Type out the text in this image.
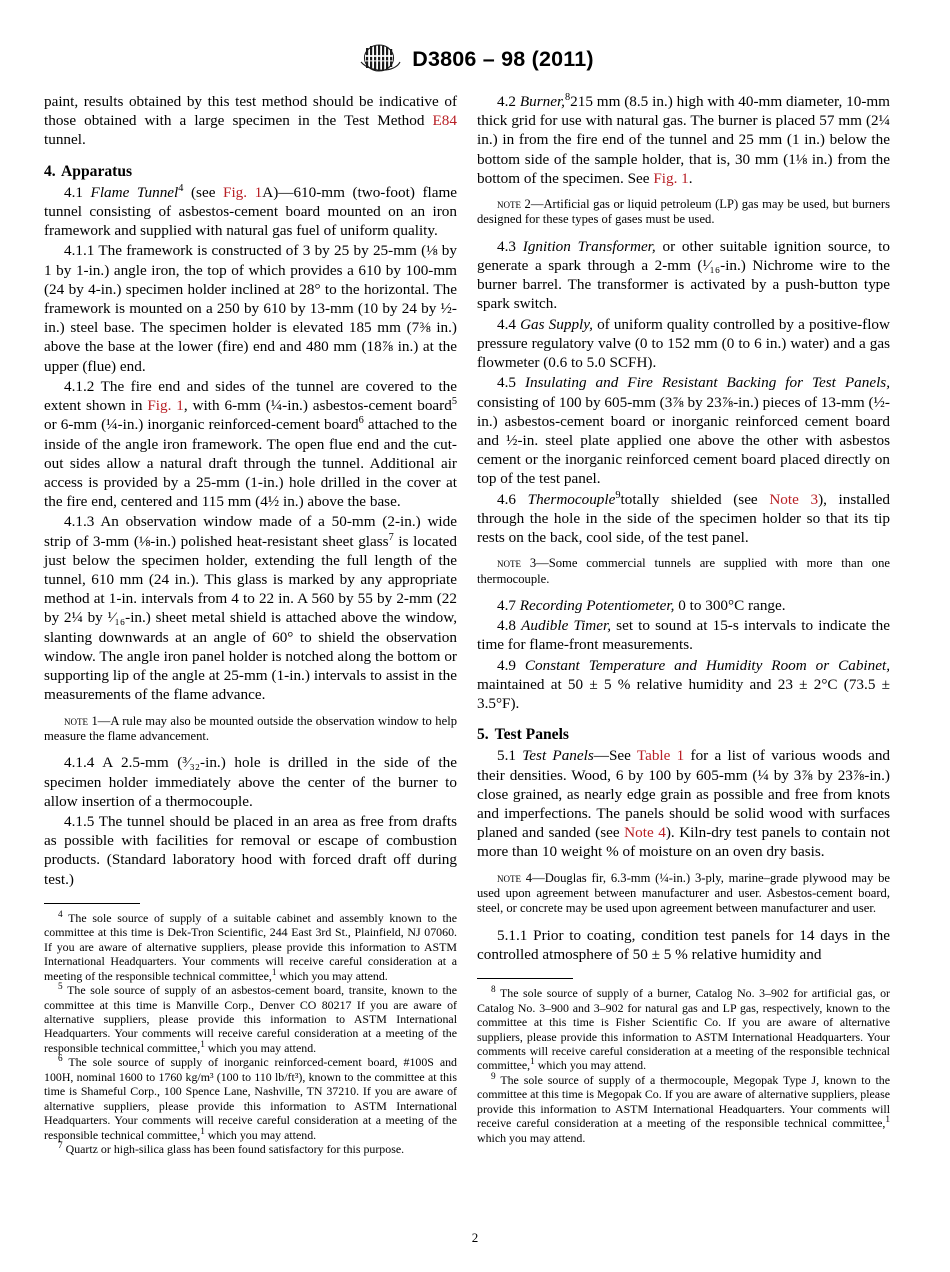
D3806 – 98 (2011)

paint, results obtained by this test method should be indicative of those obtained with a large specimen in the Test Method E84 tunnel.

4. Apparatus

4.1 Flame Tunnel$^4$ (see Fig. 1A)—610-mm (two-foot) flame tunnel consisting of asbestos-cement board mounted on an iron framework and supplied with natural gas fuel of uniform quality.

4.1.1 The framework is constructed of 3 by 25 by 25-mm (⅛ by 1 by 1-in.) angle iron, the top of which provides a 610 by 100-mm (24 by 4-in.) specimen holder inclined at 28° to the horizontal. The framework is mounted on a 250 by 610 by 13-mm (10 by 24 by ½-in.) steel base. The specimen holder is elevated 185 mm (7⅜ in.) above the base at the lower (fire) end and 480 mm (18⅞ in.) at the upper (flue) end.

4.1.2 The fire end and sides of the tunnel are covered to the extent shown in Fig. 1, with 6-mm (¼-in.) asbestos-cement board$^5$ or 6-mm (¼-in.) inorganic reinforced-cement board$^6$ attached to the inside of the angle iron framework. The open flue end and the cut-out sides allow a natural draft through the tunnel. Additional air access is provided by a 25-mm (1-in.) hole drilled in the cover at the fire end, centered and 115 mm (4½ in.) above the base.

4.1.3 An observation window made of a 50-mm (2-in.) wide strip of 3-mm (⅛-in.) polished heat-resistant sheet glass$^7$ is located just below the specimen holder, extending the full length of the tunnel, 610 mm (24 in.). This glass is marked by any appropriate method at 1-in. intervals from 4 to 22 in. A 560 by 55 by 2-mm (22 by 2¼ by ¹⁄₁₆-in.) sheet metal shield is attached above the window, slanting downwards at an angle of 60° to shield the observation window. The angle iron panel holder is notched along the bottom or supporting lip of the angle at 25-mm (1-in.) intervals to assist in the measurements of the flame advance.

note 1—A rule may also be mounted outside the observation window to help measure the flame advancement.

4.1.4 A 2.5-mm (³⁄₃₂-in.) hole is drilled in the side of the specimen holder immediately above the center of the burner to allow insertion of a thermocouple.

4.1.5 The tunnel should be placed in an area as free from drafts as possible with facilities for removal or escape of combustion products. (Standard laboratory hood with forced draft off during test.)

$^4$ The sole source of supply of a suitable cabinet and assembly known to the committee at this time is Dek-Tron Scientific, 244 East 3rd St., Plainfield, NJ 07060. If you are aware of alternative suppliers, please provide this information to ASTM International Headquarters. Your comments will receive careful consideration at a meeting of the responsible technical committee,$^1$ which you may attend.

$^5$ The sole source of supply of an asbestos-cement board, transite, known to the committee at this time is Manville Corp., Denver CO 80217 If you are aware of alternative suppliers, please provide this information to ASTM International Headquarters. Your comments will receive careful consideration at a meeting of the responsible technical committee,$^1$ which you may attend.

$^6$ The sole source of supply of inorganic reinforced-cement board, #100S and 100H, nominal 1600 to 1760 kg/m³ (100 to 110 lb/ft³), known to the committee at this time is Shameful Corp., 100 Spence Lane, Nashville, TN 37210. If you are aware of alternative suppliers, please provide this information to ASTM International Headquarters. Your comments will receive careful consideration at a meeting of the responsible technical committee,$^1$ which you may attend.

$^7$ Quartz or high-silica glass has been found satisfactory for this purpose.

4.2 Burner,$^8$215 mm (8.5 in.) high with 40-mm diameter, 10-mm thick grid for use with natural gas. The burner is placed 57 mm (2¼ in.) in from the fire end of the tunnel and 25 mm (1 in.) below the bottom side of the sample holder, that is, 30 mm (1⅛ in.) from the bottom of the specimen. See Fig. 1.

note 2—Artificial gas or liquid petroleum (LP) gas may be used, but burners designed for these types of gases must be used.

4.3 Ignition Transformer, or other suitable ignition source, to generate a spark through a 2-mm (¹⁄₁₆-in.) Nichrome wire to the burner barrel. The transformer is activated by a push-button type spark switch.

4.4 Gas Supply, of uniform quality controlled by a positive-flow pressure regulatory valve (0 to 152 mm (0 to 6 in.) water) and a gas flowmeter (0.6 to 5.0 SCFH).

4.5 Insulating and Fire Resistant Backing for Test Panels, consisting of 100 by 605-mm (3⅞ by 23⅞-in.) pieces of 13-mm (½-in.) asbestos-cement board or inorganic reinforced cement board and ½-in. steel plate applied one above the other with asbestos cement or the inorganic reinforced cement board placed directly on top of the test panel.

4.6 Thermocouple$^9$totally shielded (see Note 3), installed through the hole in the side of the specimen holder so that its tip rests on the back, cool side, of the test panel.

note 3—Some commercial tunnels are supplied with more than one thermocouple.

4.7 Recording Potentiometer, 0 to 300°C range.

4.8 Audible Timer, set to sound at 15-s intervals to indicate the time for flame-front measurements.

4.9 Constant Temperature and Humidity Room or Cabinet, maintained at 50 ± 5 % relative humidity and 23 ± 2°C (73.5 ± 3.5°F).

5. Test Panels

5.1 Test Panels—See Table 1 for a list of various woods and their densities. Wood, 6 by 100 by 605-mm (¼ by 3⅞ by 23⅞-in.) close grained, as nearly edge grain as possible and free from knots and imperfections. The panels should be solid wood with surfaces planed and sanded (see Note 4). Kiln-dry test panels to contain not more than 10 weight % of moisture on an oven dry basis.

note 4—Douglas fir, 6.3-mm (¼-in.) 3-ply, marine–grade plywood may be used upon agreement between manufacturer and user. Asbestos-cement board, steel, or concrete may be used upon agreement between manufacturer and user.

5.1.1 Prior to coating, condition test panels for 14 days in the controlled atmosphere of 50 ± 5 % relative humidity and

$^8$ The sole source of supply of a burner, Catalog No. 3–902 for artificial gas, or Catalog No. 3–900 and 3–902 for natural gas and LP gas, respectively, known to the committee at this time is Fisher Scientific Co. If you are aware of alternative suppliers, please provide this information to ASTM International Headquarters. Your comments will receive careful consideration at a meeting of the responsible technical committee,$^1$ which you may attend.

$^9$ The sole source of supply of a thermocouple, Megopak Type J, known to the committee at this time is Megopak Co. If you are aware of alternative suppliers, please provide this information to ASTM International Headquarters. Your comments will receive careful consideration at a meeting of the responsible technical committee,$^1$ which you may attend.

2
